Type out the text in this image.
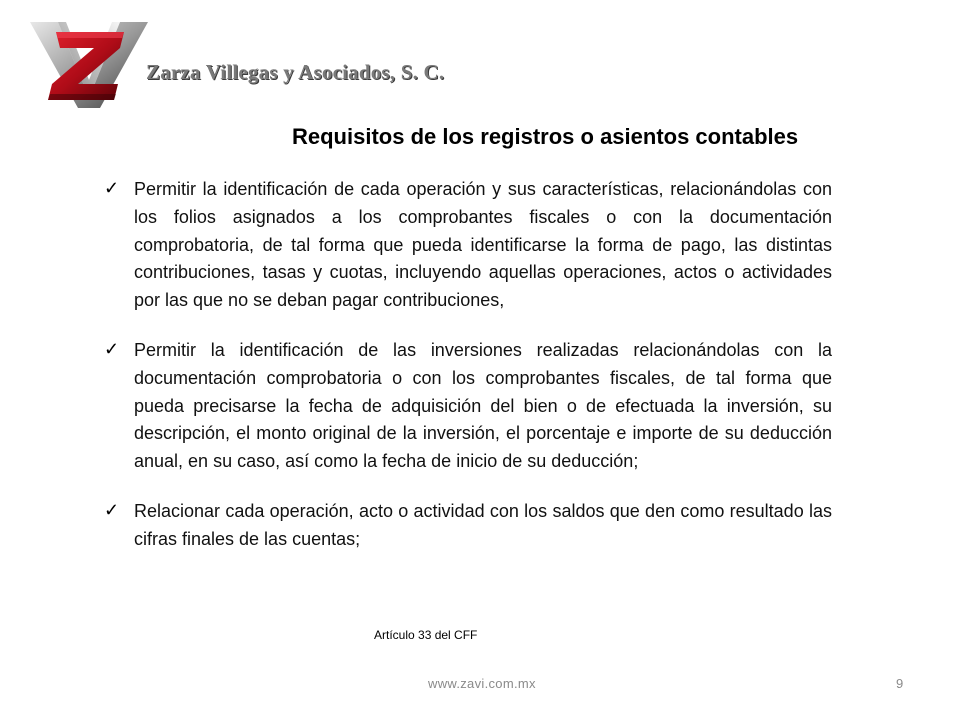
Zarza Villegas y Asociados, S. C.
Requisitos de los registros o asientos contables
✓ Permitir la identificación de cada operación y sus características, relacionándolas con los folios asignados a los comprobantes fiscales o con la documentación comprobatoria, de tal forma que pueda identificarse la forma de pago, las distintas contribuciones, tasas y cuotas, incluyendo aquellas operaciones, actos o actividades por las que no se deban pagar contribuciones,
✓ Permitir la identificación de las inversiones realizadas relacionándolas con la documentación comprobatoria o con los comprobantes fiscales, de tal forma que pueda precisarse la fecha de adquisición del bien o de efectuada la inversión, su descripción, el monto original de la inversión, el porcentaje e importe de su deducción anual, en su caso, así como la fecha de inicio de su deducción;
✓ Relacionar cada operación, acto o actividad con los saldos que den como resultado las cifras finales de las cuentas;
Artículo 33 del CFF
www.zavi.com.mx	9
